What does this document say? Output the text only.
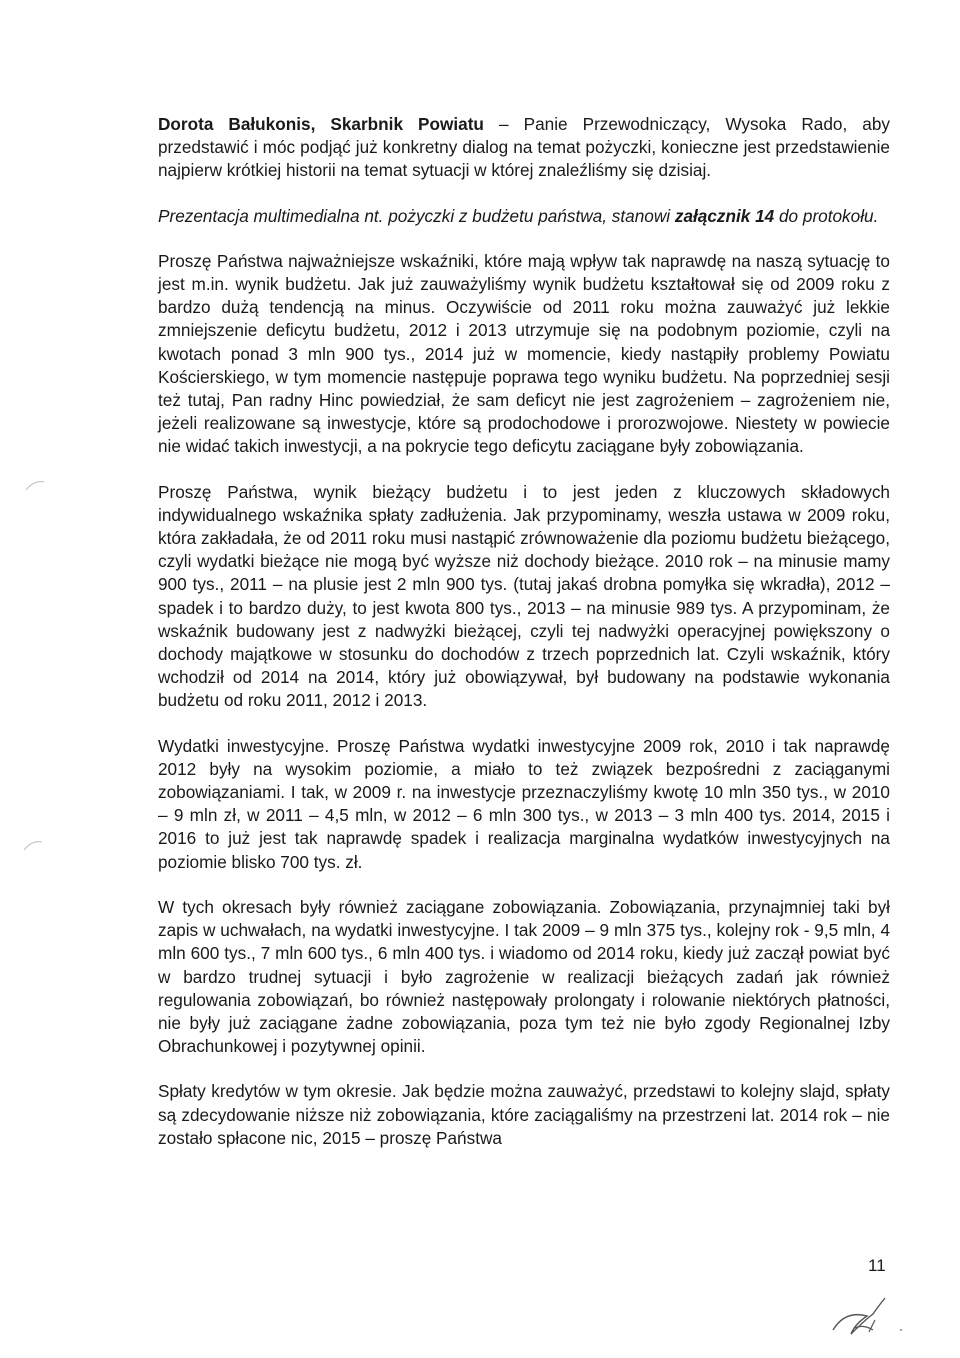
Dorota Bałukonis, Skarbnik Powiatu – Panie Przewodniczący, Wysoka Rado, aby przedstawić i móc podjąć już konkretny dialog na temat pożyczki, konieczne jest przedstawienie najpierw krótkiej historii na temat sytuacji w której znaleźliśmy się dzisiaj.

Prezentacja multimedialna nt. pożyczki z budżetu państwa, stanowi załącznik 14 do protokołu.

Proszę Państwa najważniejsze wskaźniki, które mają wpływ tak naprawdę na naszą sytuację to jest m.in. wynik budżetu. Jak już zauważyliśmy wynik budżetu kształtował się od 2009 roku z bardzo dużą tendencją na minus. Oczywiście od 2011 roku można zauważyć już lekkie zmniejszenie deficytu budżetu, 2012 i 2013 utrzymuje się na podobnym poziomie, czyli na kwotach ponad 3 mln 900 tys., 2014 już w momencie, kiedy nastąpiły problemy Powiatu Kościerskiego, w tym momencie następuje poprawa tego wyniku budżetu. Na poprzedniej sesji też tutaj, Pan radny Hinc powiedział, że sam deficyt nie jest zagrożeniem – zagrożeniem nie, jeżeli realizowane są inwestycje, które są prodochodowe i prorozwojowe. Niestety w powiecie nie widać takich inwestycji, a na pokrycie tego deficytu zaciągane były zobowiązania.

Proszę Państwa, wynik bieżący budżetu i to jest jeden z kluczowych składowych indywidualnego wskaźnika spłaty zadłużenia. Jak przypominamy, weszła ustawa w 2009 roku, która zakładała, że od 2011 roku musi nastąpić zrównoważenie dla poziomu budżetu bieżącego, czyli wydatki bieżące nie mogą być wyższe niż dochody bieżące. 2010 rok – na minusie mamy 900 tys., 2011 – na plusie jest 2 mln 900 tys. (tutaj jakaś drobna pomyłka się wkradła), 2012 – spadek i to bardzo duży, to jest kwota 800 tys., 2013 – na minusie 989 tys. A przypominam, że wskaźnik budowany jest z nadwyżki bieżącej, czyli tej nadwyżki operacyjnej powiększony o dochody majątkowe w stosunku do dochodów z trzech poprzednich lat. Czyli wskaźnik, który wchodził od 2014 na 2014, który już obowiązywał, był budowany na podstawie wykonania budżetu od roku 2011, 2012 i 2013.

Wydatki inwestycyjne. Proszę Państwa wydatki inwestycyjne 2009 rok, 2010 i tak naprawdę 2012 były na wysokim poziomie, a miało to też związek bezpośredni z zaciąganymi zobowiązaniami. I tak, w 2009 r. na inwestycje przeznaczyliśmy kwotę 10 mln 350 tys., w 2010 – 9 mln zł, w 2011 – 4,5 mln, w 2012 – 6 mln 300 tys., w 2013 – 3 mln 400 tys. 2014, 2015 i 2016 to już jest tak naprawdę spadek i realizacja marginalna wydatków inwestycyjnych na poziomie blisko 700 tys. zł.

W tych okresach były również zaciągane zobowiązania. Zobowiązania, przynajmniej taki był zapis w uchwałach, na wydatki inwestycyjne. I tak 2009 – 9 mln 375 tys., kolejny rok - 9,5 mln, 4 mln 600 tys., 7 mln 600 tys., 6 mln 400 tys. i wiadomo od 2014 roku, kiedy już zaczął powiat być w bardzo trudnej sytuacji i było zagrożenie w realizacji bieżących zadań jak również regulowania zobowiązań, bo również następowały prolongaty i rolowanie niektórych płatności, nie były już zaciągane żadne zobowiązania, poza tym też nie było zgody Regionalnej Izby Obrachunkowej i pozytywnej opinii.

Spłaty kredytów w tym okresie. Jak będzie można zauważyć, przedstawi to kolejny slajd, spłaty są zdecydowanie niższe niż zobowiązania, które zaciągaliśmy na przestrzeni lat. 2014 rok – nie zostało spłacone nic, 2015 – proszę Państwa

11
